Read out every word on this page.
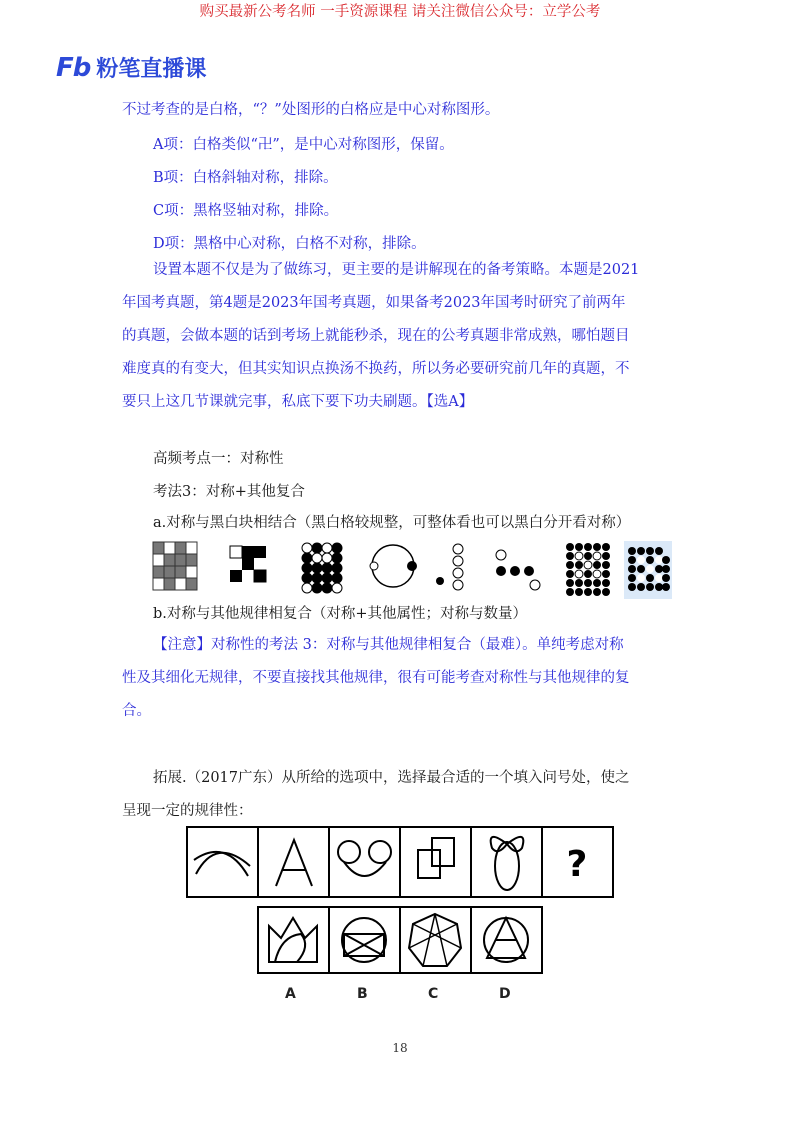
购买最新公考名师 一手资源课程 请关注微信公众号：立学公考
Fb 粉笔直播课
不过考查的是白格，“？”处图形的白格应是中心对称图形。
A项：白格类似“卍”，是中心对称图形，保留。
B项：白格斜轴对称，排除。
C项：黑格竖轴对称，排除。
D项：黑格中心对称，白格不对称，排除。
设置本题不仅是为了做练习，更主要的是讲解现在的备考策略。本题是2021
年国考真题，第4题是2023年国考真题，如果备考2023年国考时研究了前两年
的真题，会做本题的话到考场上就能秒杀，现在的公考真题非常成熟，哪怕题目
难度真的有变大，但其实知识点换汤不换药，所以务必要研究前几年的真题，不
要只上这几节课就完事，私底下要下功夫刷题。【选A】
高频考点一：对称性
考法3：对称+其他复合
a.对称与黑白块相结合（黑白格较规整，可整体看也可以黑白分开看对称）
b.对称与其他规律相复合（对称+其他属性；对称与数量）
【注意】对称性的考法 3：对称与其他规律相复合（最难）。单纯考虑对称
性及其细化无规律，不要直接找其他规律，很有可能考查对称性与其他规律的复
合。
拓展.（2017广东）从所给的选项中，选择最合适的一个填入问号处，使之
呈现一定的规律性：
?
A	B	C	D
18
